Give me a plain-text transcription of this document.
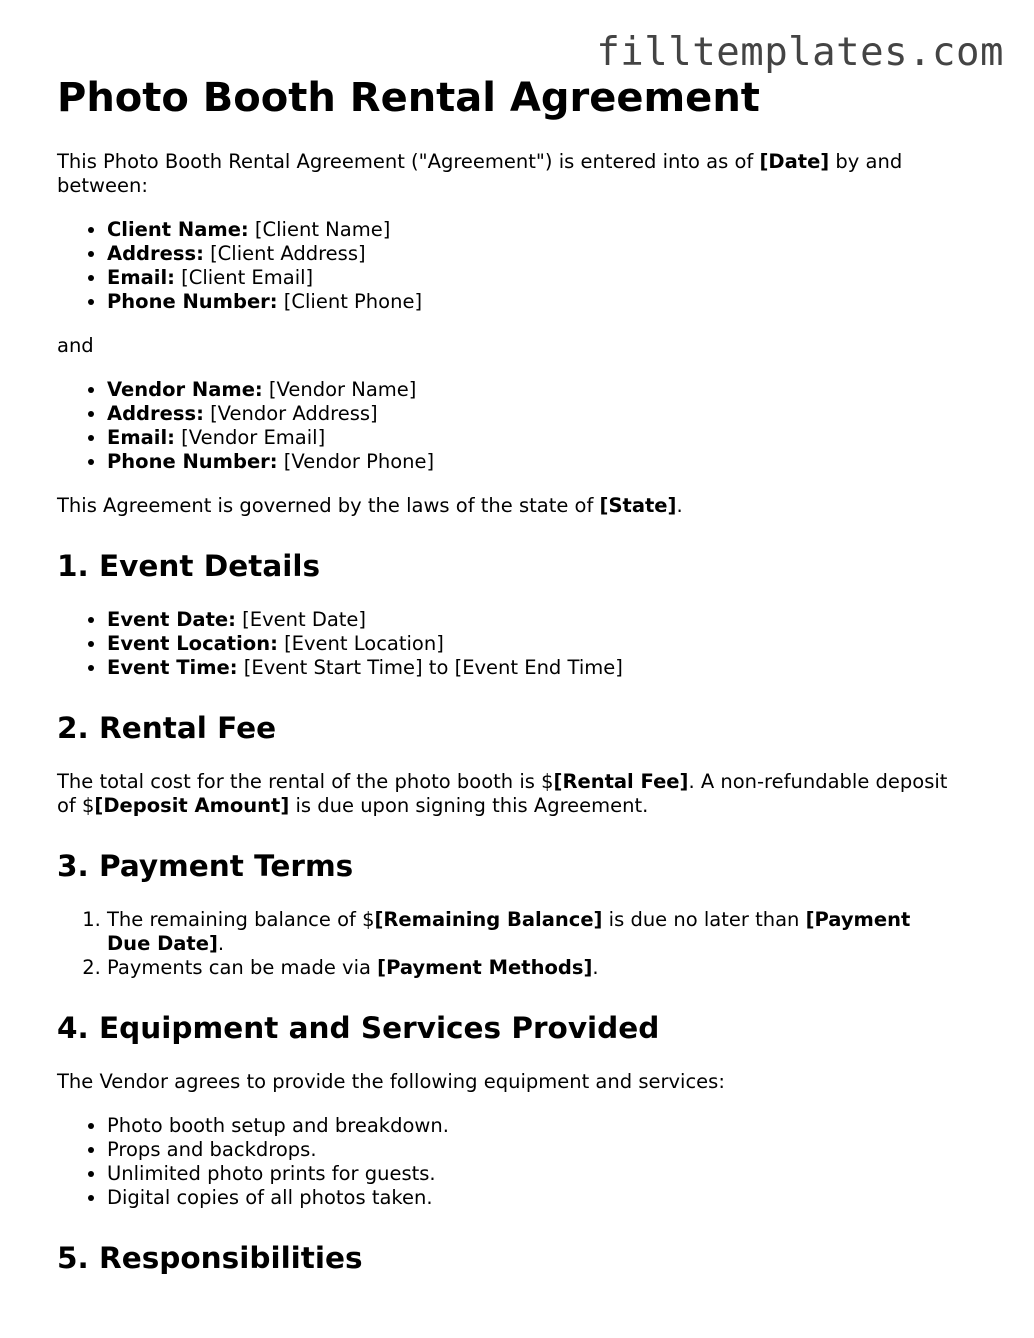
filltemplates.com
Photo Booth Rental Agreement

This Photo Booth Rental Agreement ("Agreement") is entered into as of [Date] by and between:

• Client Name: [Client Name]
• Address: [Client Address]
• Email: [Client Email]
• Phone Number: [Client Phone]

and

• Vendor Name: [Vendor Name]
• Address: [Vendor Address]
• Email: [Vendor Email]
• Phone Number: [Vendor Phone]

This Agreement is governed by the laws of the state of [State].

1. Event Details
• Event Date: [Event Date]
• Event Location: [Event Location]
• Event Time: [Event Start Time] to [Event End Time]
2. Rental Fee

The total cost for the rental of the photo booth is $[Rental Fee]. A non-refundable deposit of $[Deposit Amount] is due upon signing this Agreement.

3. Payment Terms
1. The remaining balance of $[Remaining Balance] is due no later than [Payment Due Date].
2. Payments can be made via [Payment Methods].
4. Equipment and Services Provided

The Vendor agrees to provide the following equipment and services:

• Photo booth setup and breakdown.
• Props and backdrops.
• Unlimited photo prints for guests.
• Digital copies of all photos taken.
5. Responsibilities
